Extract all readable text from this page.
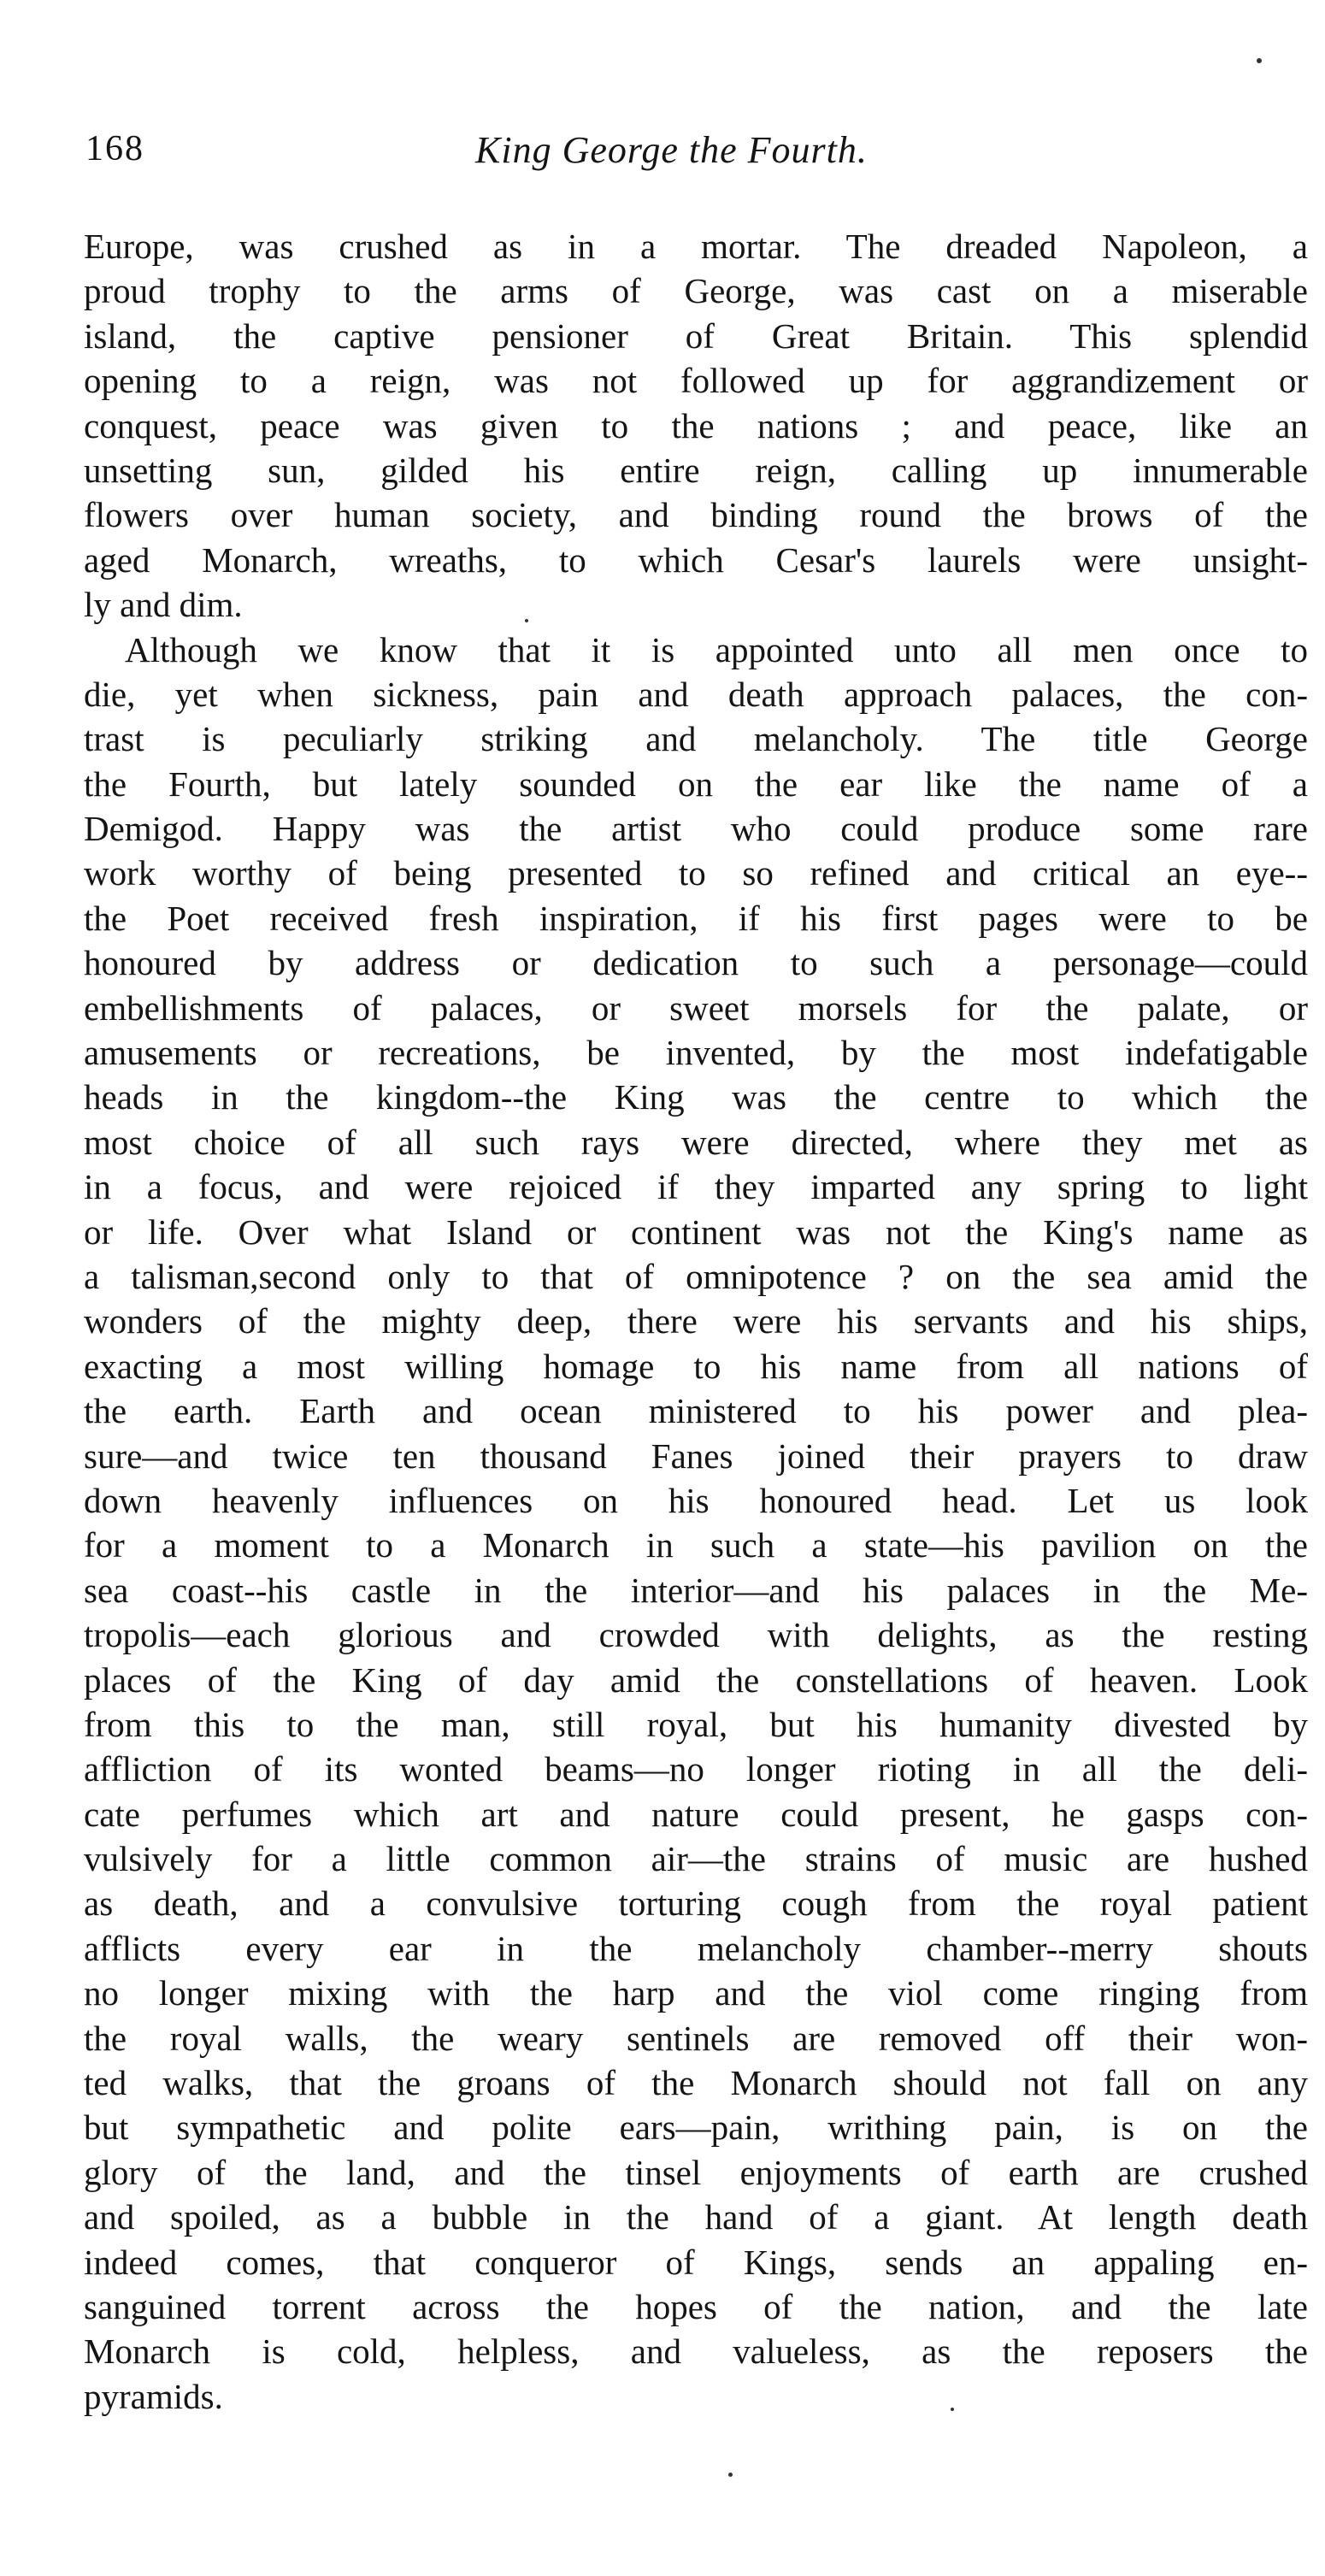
168	King George the Fourth.
Europe, was crushed as in a mortar. The dreaded Napoleon, a
proud trophy to the arms of George, was cast on a miserable
island, the captive pensioner of Great Britain. This splendid
opening to a reign, was not followed up for aggrandizement or
conquest, peace was given to the nations ; and peace, like an
unsetting sun, gilded his entire reign, calling up innumerable
flowers over human society, and binding round the brows of the
aged Monarch, wreaths, to which Cesar's laurels were unsight-
ly and dim.
Although we know that it is appointed unto all men once to
die, yet when sickness, pain and death approach palaces, the con-
trast is peculiarly striking and melancholy. The title George
the Fourth, but lately sounded on the ear like the name of a
Demigod. Happy was the artist who could produce some rare
work worthy of being presented to so refined and critical an eye--
the Poet received fresh inspiration, if his first pages were to be
honoured by address or dedication to such a personage—could
embellishments of palaces, or sweet morsels for the palate, or
amusements or recreations, be invented, by the most indefatigable
heads in the kingdom--the King was the centre to which the
most choice of all such rays were directed, where they met as
in a focus, and were rejoiced if they imparted any spring to light
or life. Over what Island or continent was not the King's name as
a talisman,second only to that of omnipotence ? on the sea amid the
wonders of the mighty deep, there were his servants and his ships,
exacting a most willing homage to his name from all nations of
the earth. Earth and ocean ministered to his power and plea-
sure—and twice ten thousand Fanes joined their prayers to draw
down heavenly influences on his honoured head. Let us look
for a moment to a Monarch in such a state—his pavilion on the
sea coast--his castle in the interior—and his palaces in the Me-
tropolis—each glorious and crowded with delights, as the resting
places of the King of day amid the constellations of heaven. Look
from this to the man, still royal, but his humanity divested by
affliction of its wonted beams—no longer rioting in all the deli-
cate perfumes which art and nature could present, he gasps con-
vulsively for a little common air—the strains of music are hushed
as death, and a convulsive torturing cough from the royal patient
afflicts every ear in the melancholy chamber--merry shouts
no longer mixing with the harp and the viol come ringing from
the royal walls, the weary sentinels are removed off their won-
ted walks, that the groans of the Monarch should not fall on any
but sympathetic and polite ears—pain, writhing pain, is on the
glory of the land, and the tinsel enjoyments of earth are crushed
and spoiled, as a bubble in the hand of a giant. At length death
indeed comes, that conqueror of Kings, sends an appaling en-
sanguined torrent across the hopes of the nation, and the late
Monarch is cold, helpless, and valueless, as the reposers the
pyramids.
